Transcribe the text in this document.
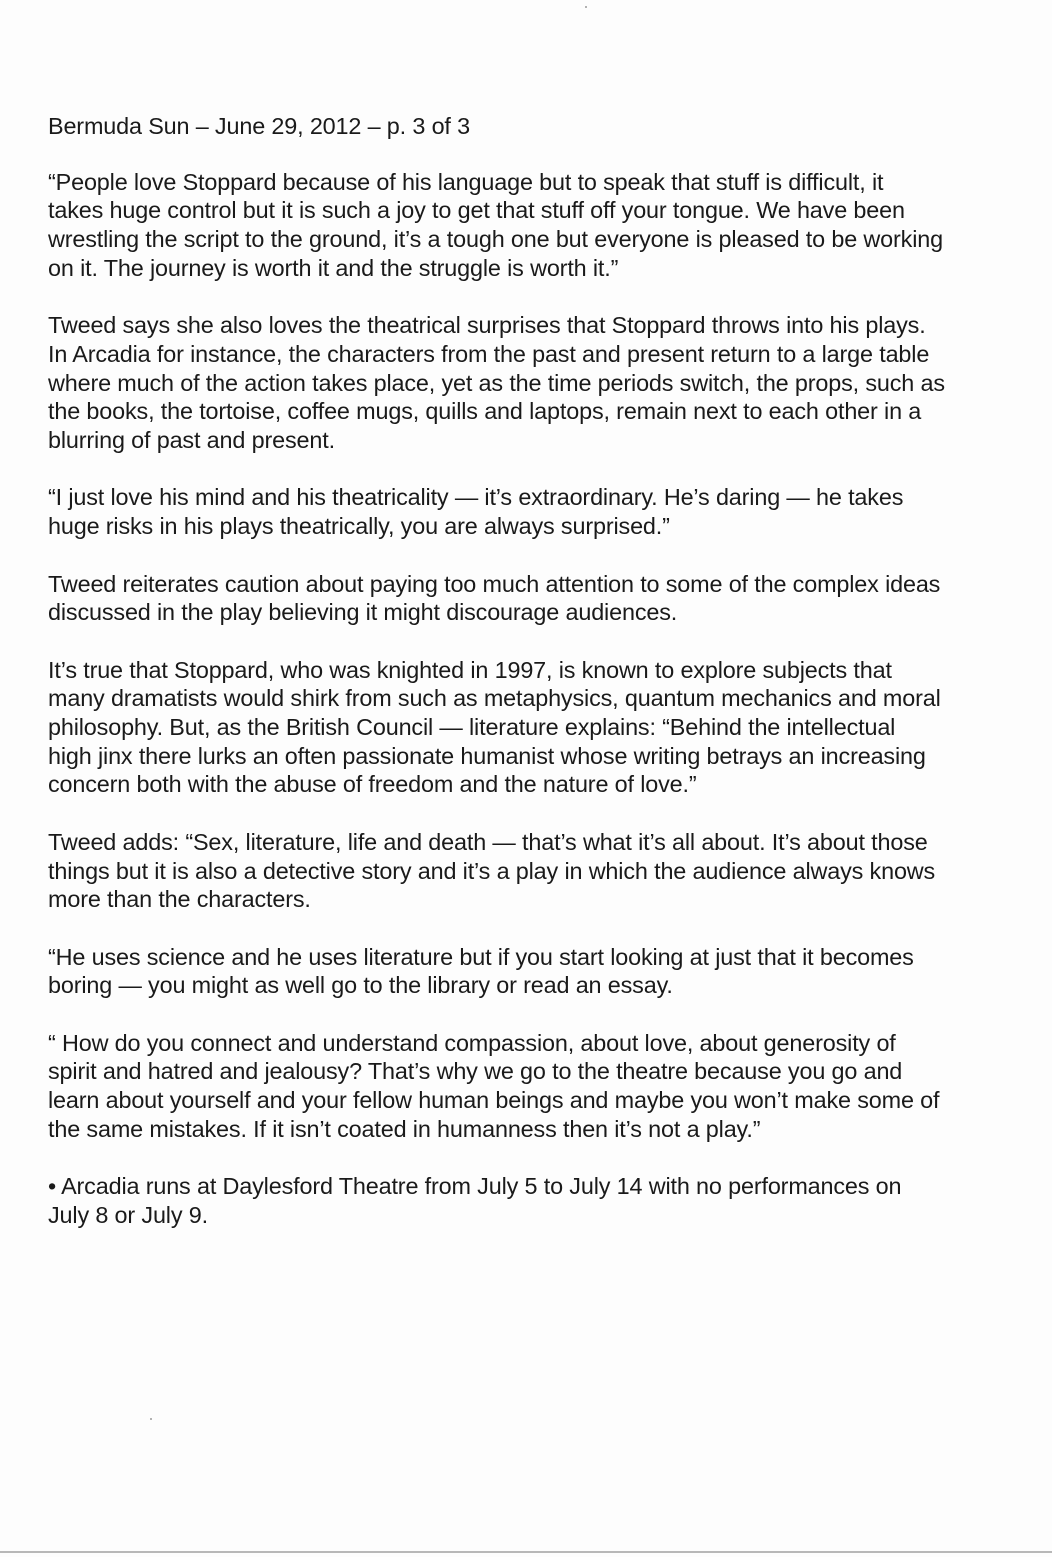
Bermuda Sun – June 29, 2012 – p. 3 of 3
“People love Stoppard because of his language but to speak that stuff is difficult, it
takes huge control but it is such a joy to get that stuff off your tongue. We have been
wrestling the script to the ground, it’s a tough one but everyone is pleased to be working
on it. The journey is worth it and the struggle is worth it.”
Tweed says she also loves the theatrical surprises that Stoppard throws into his plays.
In Arcadia for instance, the characters from the past and present return to a large table
where much of the action takes place, yet as the time periods switch, the props, such as
the books, the tortoise, coffee mugs, quills and laptops, remain next to each other in a
blurring of past and present.
“I just love his mind and his theatricality — it’s extraordinary. He’s daring — he takes
huge risks in his plays theatrically, you are always surprised.”
Tweed reiterates caution about paying too much attention to some of the complex ideas
discussed in the play believing it might discourage audiences.
It’s true that Stoppard, who was knighted in 1997, is known to explore subjects that
many dramatists would shirk from such as metaphysics, quantum mechanics and moral
philosophy. But, as the British Council — literature explains: “Behind the intellectual
high jinx there lurks an often passionate humanist whose writing betrays an increasing
concern both with the abuse of freedom and the nature of love.”
Tweed adds: “Sex, literature, life and death — that’s what it’s all about. It’s about those
things but it is also a detective story and it’s a play in which the audience always knows
more than the characters.
“He uses science and he uses literature but if you start looking at just that it becomes
boring — you might as well go to the library or read an essay.
“ How do you connect and understand compassion, about love, about generosity of
spirit and hatred and jealousy? That’s why we go to the theatre because you go and
learn about yourself and your fellow human beings and maybe you won’t make some of
the same mistakes. If it isn’t coated in humanness then it’s not a play.”
• Arcadia runs at Daylesford Theatre from July 5 to July 14 with no performances on
July 8 or July 9.
